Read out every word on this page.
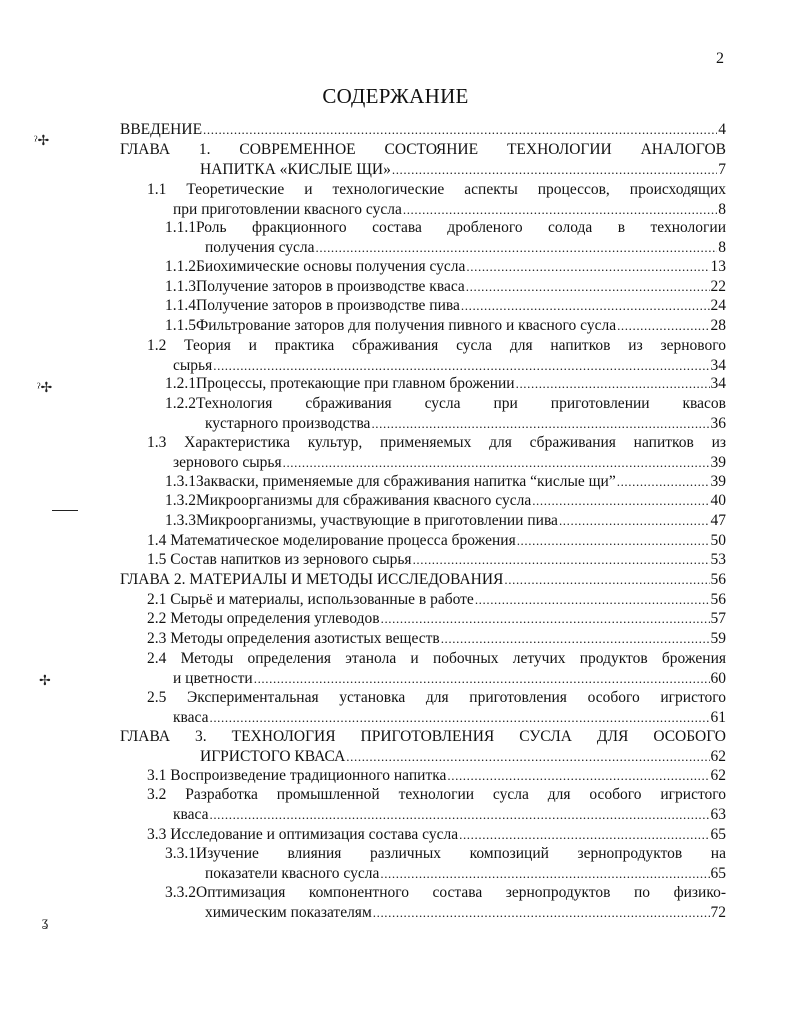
2
СОДЕРЖАНИЕ
ˀ✢
ˀ✢
✢
ʓ
ВВЕДЕНИЕ .....	4
ГЛАВА 1. СОВРЕМЕННОЕ СОСТОЯНИЕ ТЕХНОЛОГИИ АНАЛОГОВ
НАПИТКА «КИСЛЫЕ ЩИ» .....	7
1.1 Теоретические и технологические аспекты процессов, происходящих
при приготовлении квасного сусла .....	8
1.1.1Роль фракционного состава дробленого солода в технологии
получения сусла .....	8
1.1.2Биохимические основы получения сусла .....	13
1.1.3Получение заторов в производстве кваса .....	22
1.1.4Получение заторов в производстве пива .....	24
1.1.5Фильтрование заторов для получения пивного и квасного сусла .....	28
1.2 Теория и практика сбраживания сусла для напитков из зернового
сырья .....	34
1.2.1Процессы, протекающие при главном брожении .....	34
1.2.2Технология сбраживания сусла при приготовлении квасов
кустарного производства .....	36
1.3 Характеристика культур, применяемых для сбраживания напитков из
зернового сырья .....	39
1.3.1Закваски, применяемые для сбраживания напитка “кислые щи” .....	39
1.3.2Микроорганизмы для сбраживания квасного сусла .....	40
1.3.3Микроорганизмы, участвующие в приготовлении пива .....	47
1.4 Математическое моделирование процесса брожения .....	50
1.5 Состав напитков из зернового сырья .....	53
ГЛАВА 2. МАТЕРИАЛЫ И МЕТОДЫ ИССЛЕДОВАНИЯ .....	56
2.1 Сырьё и материалы, использованные в работе .....	56
2.2 Методы определения углеводов .....	57
2.3 Методы определения азотистых веществ .....	59
2.4 Методы определения этанола и побочных летучих продуктов брожения
и цветности .....	60
2.5 Экспериментальная установка для приготовления особого игристого
кваса .....	61
ГЛАВА 3. ТЕХНОЛОГИЯ ПРИГОТОВЛЕНИЯ СУСЛА ДЛЯ ОСОБОГО
ИГРИСТОГО КВАСА .....	62
3.1 Воспроизведение традиционного напитка .....	62
3.2 Разработка промышленной технологии сусла для особого игристого
кваса .....	63
3.3 Исследование и оптимизация состава сусла .....	65
3.3.1Изучение влияния различных композиций зернопродуктов на
показатели квасного сусла .....	65
3.3.2Оптимизация компонентного состава зернопродуктов по физико-
химическим показателям .....	72
